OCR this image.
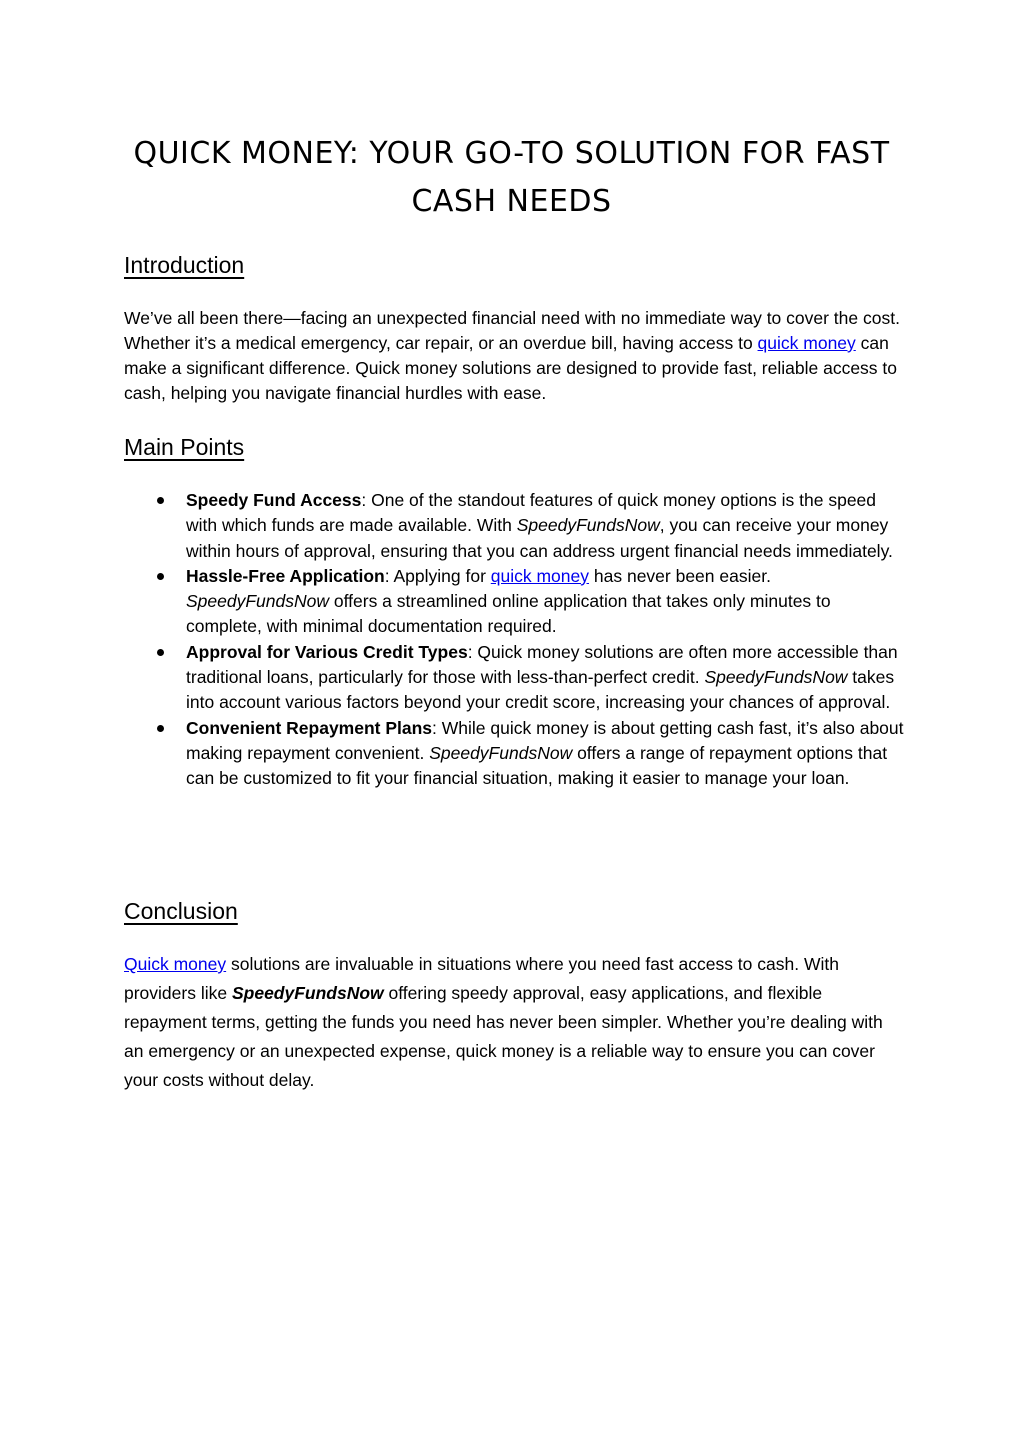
QUICK MONEY: YOUR GO-TO SOLUTION FOR FAST CASH NEEDS
Introduction

We’ve all been there—facing an unexpected financial need with no immediate way to cover the cost. Whether it’s a medical emergency, car repair, or an overdue bill, having access to quick money can make a significant difference. Quick money solutions are designed to provide fast, reliable access to cash, helping you navigate financial hurdles with ease.

Main Points
Speedy Fund Access: One of the standout features of quick money options is the speed with which funds are made available. With SpeedyFundsNow, you can receive your money within hours of approval, ensuring that you can address urgent financial needs immediately.
Hassle-Free Application: Applying for quick money has never been easier. SpeedyFundsNow offers a streamlined online application that takes only minutes to complete, with minimal documentation required.
Approval for Various Credit Types: Quick money solutions are often more accessible than traditional loans, particularly for those with less-than-perfect credit. SpeedyFundsNow takes into account various factors beyond your credit score, increasing your chances of approval.
Convenient Repayment Plans: While quick money is about getting cash fast, it’s also about making repayment convenient. SpeedyFundsNow offers a range of repayment options that can be customized to fit your financial situation, making it easier to manage your loan.
Conclusion

Quick money solutions are invaluable in situations where you need fast access to cash. With providers like SpeedyFundsNow offering speedy approval, easy applications, and flexible repayment terms, getting the funds you need has never been simpler. Whether you’re dealing with an emergency or an unexpected expense, quick money is a reliable way to ensure you can cover your costs without delay.
